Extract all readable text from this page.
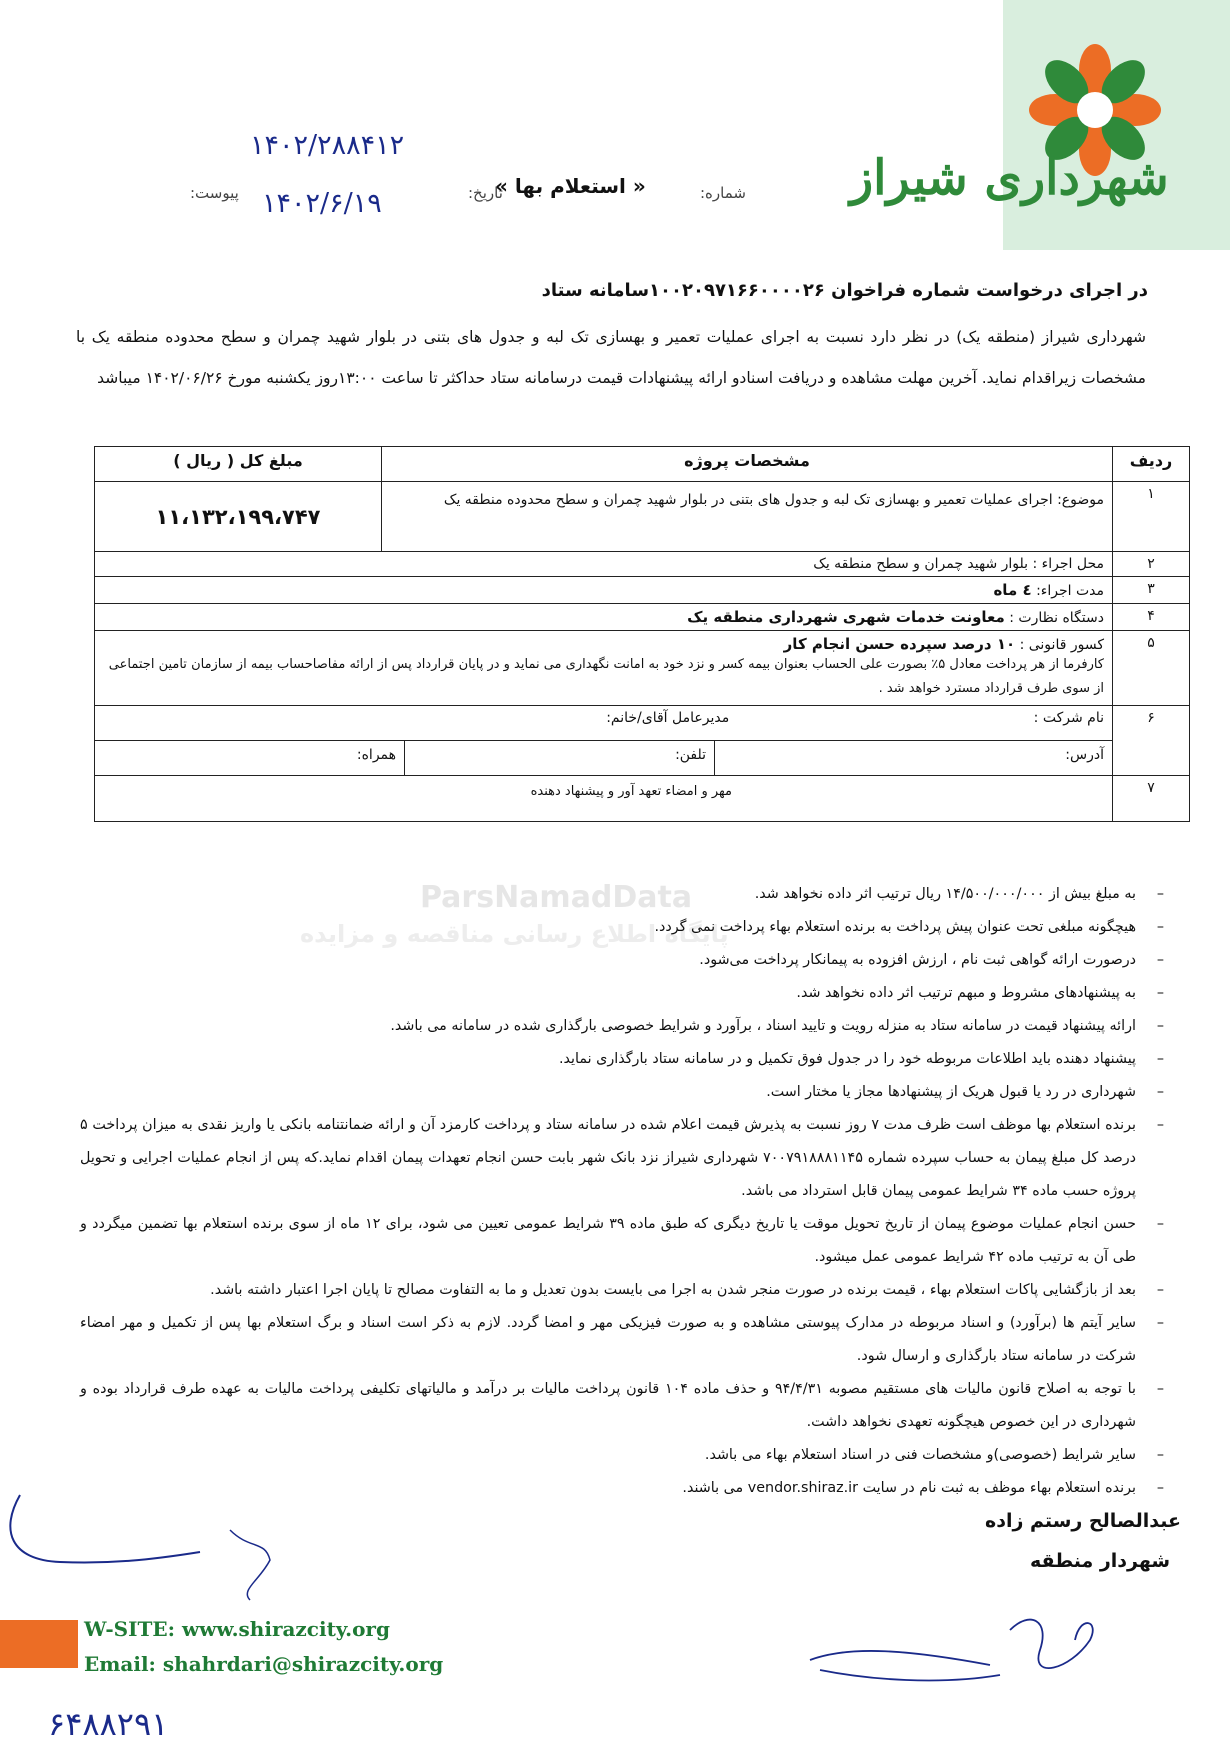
شهرداری شیراز
شماره:
« استعلام بها »
تاریخ:
پیوست:
۱۴۰۲/۲۸۸۴۱۲
۱۴۰۲/۶/۱۹
در اجرای درخواست شماره فراخوان ۱۰۰۲۰۹۷۱۶۶۰۰۰۰۲۶سامانه ستاد
شهرداری شیراز (منطقه یک) در نظر دارد نسبت به اجرای عملیات تعمیر و بهسازی تک لبه و جدول های بتنی در بلوار شهید چمران و سطح محدوده منطقه یک با مشخصات زیراقدام نماید. آخرین مهلت مشاهده و دریافت اسنادو ارائه پیشنهادات قیمت درسامانه ستاد حداکثر تا ساعت ۱۳:۰۰روز یکشنبه مورخ ۱۴۰۲/۰۶/۲۶ میباشد
ParsNamadData
پایگاه اطلاع رسانی مناقصه و مزایده
ردیف	مشخصات پروژه	مبلغ کل ( ریال )
۱	موضوع: اجرای عملیات تعمیر و بهسازی تک لبه و جدول های بتنی در بلوار شهید چمران و سطح محدوده منطقه یک	۱۱،۱۳۲،۱۹۹،۷۴۷
۲	محل اجراء : بلوار شهید چمران و سطح منطقه یک	
۳	مدت اجراء: ٤ ماه	
۴	دستگاه نظارت : معاونت خدمات شهری شهرداری منطقه یک	
۵	کسور قانونی : ۱۰ درصد سپرده حسن انجام کار
کارفرما از هر پرداخت معادل ۵٪ بصورت علی الحساب بعنوان بیمه کسر و نزد خود به امانت نگهداری می نماید و در پایان قرارداد پس از ارائه مفاصاحساب بیمه از سازمان تامین اجتماعی از سوی طرف قرارداد مسترد خواهد شد .	

۶	نام شرکت : مدیرعامل آقای/خانم:	

	آدرس:
تلفن:
همراه:	

۷	مهر و امضاء تعهد آور و پیشنهاد دهنده	
– به مبلغ بیش از ۱۴/۵۰۰/۰۰۰/۰۰۰ ریال ترتیب اثر داده نخواهد شد.
– هیچگونه مبلغی تحت عنوان پیش پرداخت به برنده استعلام بهاء پرداخت نمی گردد.
– درصورت ارائه گواهی ثبت نام ، ارزش افزوده به پیمانکار پرداخت می‌شود.
– به پیشنهادهای مشروط و مبهم ترتیب اثر داده نخواهد شد.
– ارائه پیشنهاد قیمت در سامانه ستاد به منزله رویت و تایید اسناد ، برآورد و شرایط خصوصی بارگذاری شده در سامانه می باشد.
– پیشنهاد دهنده باید اطلاعات مربوطه خود را در جدول فوق تکمیل و در سامانه ستاد بارگذاری نماید.
– شهرداری در رد یا قبول هریک از پیشنهادها مجاز یا مختار است.
– برنده استعلام بها موظف است ظرف مدت ۷ روز نسبت به پذیرش قیمت اعلام شده در سامانه ستاد و پرداخت کارمزد آن و ارائه ضمانتنامه بانکی یا واریز نقدی به میزان پرداخت ۵ درصد کل مبلغ پیمان به حساب سپرده شماره ۷۰۰۷۹۱۸۸۸۱۱۴۵ شهرداری شیراز نزد بانک شهر بابت حسن انجام تعهدات پیمان اقدام نماید.که پس از انجام عملیات اجرایی و تحویل پروژه حسب ماده ۳۴ شرایط عمومی پیمان قابل استرداد می باشد.
– حسن انجام عملیات موضوع پیمان از تاریخ تحویل موقت یا تاریخ دیگری که طبق ماده ۳۹ شرایط عمومی تعیین می شود، برای ۱۲ ماه از سوی برنده استعلام بها تضمین میگردد و طی آن به ترتیب ماده ۴۲ شرایط عمومی عمل میشود.
– بعد از بازگشایی پاکات استعلام بهاء ، قیمت برنده در صورت منجر شدن به اجرا می بایست بدون تعدیل و ما به التفاوت مصالح تا پایان اجرا اعتبار داشته باشد.
– سایر آیتم ها (برآورد) و اسناد مربوطه در مدارک پیوستی مشاهده و به صورت فیزیکی مهر و امضا گردد. لازم به ذکر است اسناد و برگ استعلام بها پس از تکمیل و مهر امضاء شرکت در سامانه ستاد بارگذاری و ارسال شود.
– با توجه به اصلاح قانون مالیات های مستقیم مصوبه ۹۴/۴/۳۱ و حذف ماده ۱۰۴ قانون پرداخت مالیات بر درآمد و مالیاتهای تکلیفی پرداخت مالیات به عهده طرف قرارداد بوده و شهرداری در این خصوص هیچگونه تعهدی نخواهد داشت.
– سایر شرایط (خصوصی)و مشخصات فنی در اسناد استعلام بهاء می باشد.
– برنده استعلام بهاء موظف به ثبت نام در سایت vendor.shiraz.ir می باشند.
عبدالصالح رستم زاده
شهردار منطقه
W-SITE: www.shirazcity.org
Email: shahrdari@shirazcity.org
۶۴۸۸۲۹۱
